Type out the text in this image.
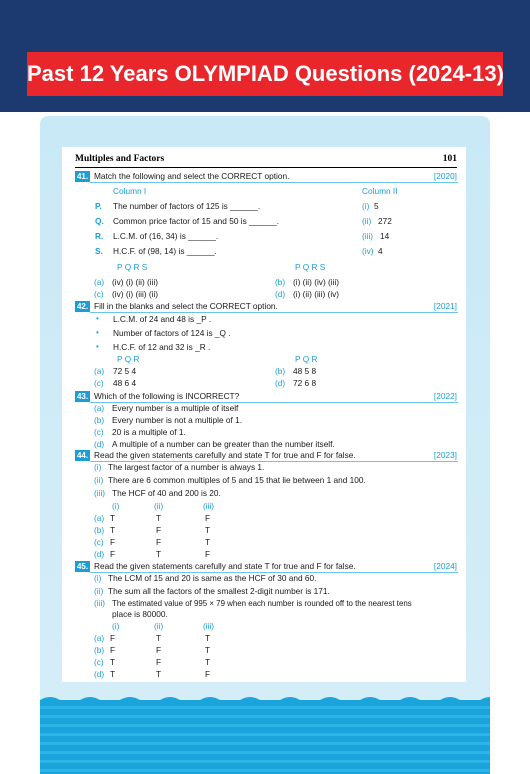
Past 12 Years OLYMPIAD Questions (2024-13)
Multiples and Factors	101
41. Match the following and select the CORRECT option.	[2020]
Column I	Column II
P. The number of factors of 125 is ______.	(i) 5
Q. Common price factor of 15 and 50 is ______.	(ii) 272
R. L.C.M. of (16, 34) is ______.	(iii) 14
S. H.C.F. of (98, 14) is ______.	(iv) 4
P Q R S	P Q R S
(a) (iv) (i) (ii) (iii)	(b) (i) (ii) (iv) (iii)
(c) (iv) (i) (iii) (ii)	(d) (i) (ii) (iii) (iv)
42. Fill in the blanks and select the CORRECT option.	[2021]
• L.C.M. of 24 and 48 is _P .
• Number of factors of 124 is _Q .
• H.C.F. of 12 and 32 is _R .
P Q R	P Q R
(a) 72 5 4	(b) 48 5 8
(c) 48 6 4	(d) 72 6 8
43. Which of the following is INCORRECT?	[2022]
(a) Every number is a multiple of itself
(b) Every number is not a multiple of 1.
(c) 20 is a multiple of 1.
(d) A multiple of a number can be greater than the number itself.
44. Read the given statements carefully and state T for true and F for false.	[2023]
(i) The largest factor of a number is always 1.
(ii) There are 6 common multiples of 5 and 15 that lie between 1 and 100.
(iii) The HCF of 40 and 200 is 20.
(i)	(ii)	(iii)
(a) T	T	F
(b) T	F	T
(c) F	F	T
(d) F	T	F
45. Read the given statements carefully and state T for true and F for false.	[2024]
(i) The LCM of 15 and 20 is same as the HCF of 30 and 60.
(ii) The sum all the factors of the smallest 2-digit number is 171.
(iii) The estimated value of 995 × 79 when each number is rounded off to the nearest tens
place is 80000.
(i)	(ii)	(iii)
(a) F	T	T
(b) F	F	T
(c) T	F	T
(d) T	T	F
